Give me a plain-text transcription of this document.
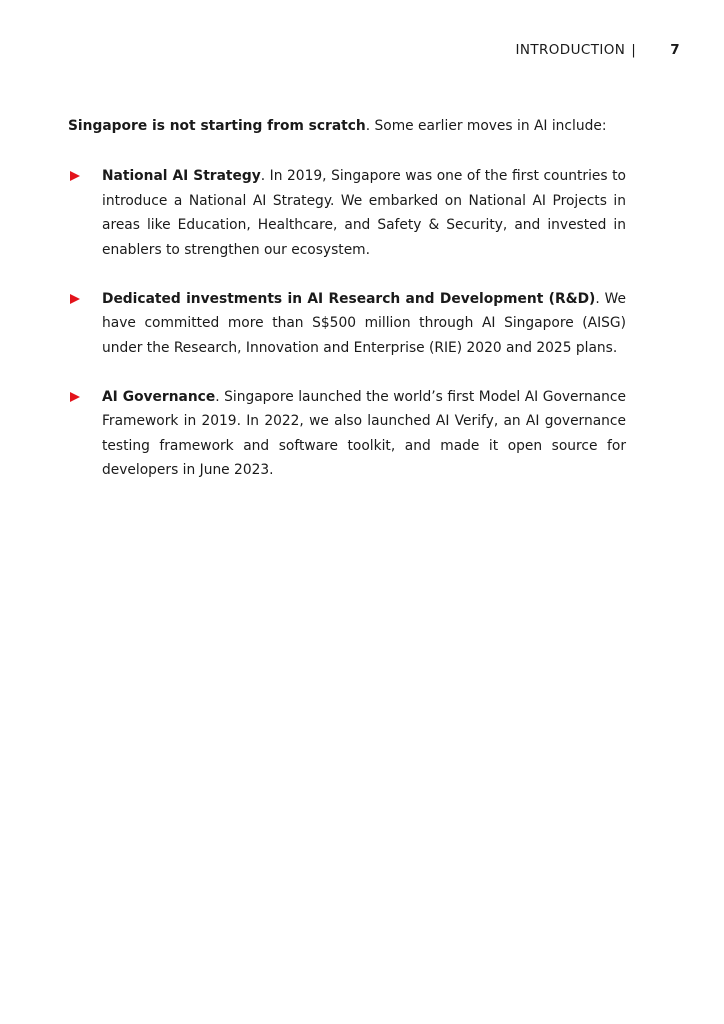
INTRODUCTION |	7

Singapore is not starting from scratch. Some earlier moves in AI include:

National AI Strategy. In 2019, Singapore was one of the first countries to introduce a National AI Strategy. We embarked on National AI Projects in areas like Education, Healthcare, and Safety & Security, and invested in enablers to strengthen our ecosystem.
Dedicated investments in AI Research and Development (R&D). We have committed more than S$500 million through AI Singapore (AISG) under the Research, Innovation and Enterprise (RIE) 2020 and 2025 plans.
AI Governance. Singapore launched the world’s first Model AI Governance Framework in 2019. In 2022, we also launched AI Verify, an AI governance testing framework and software toolkit, and made it open source for developers in June 2023.
